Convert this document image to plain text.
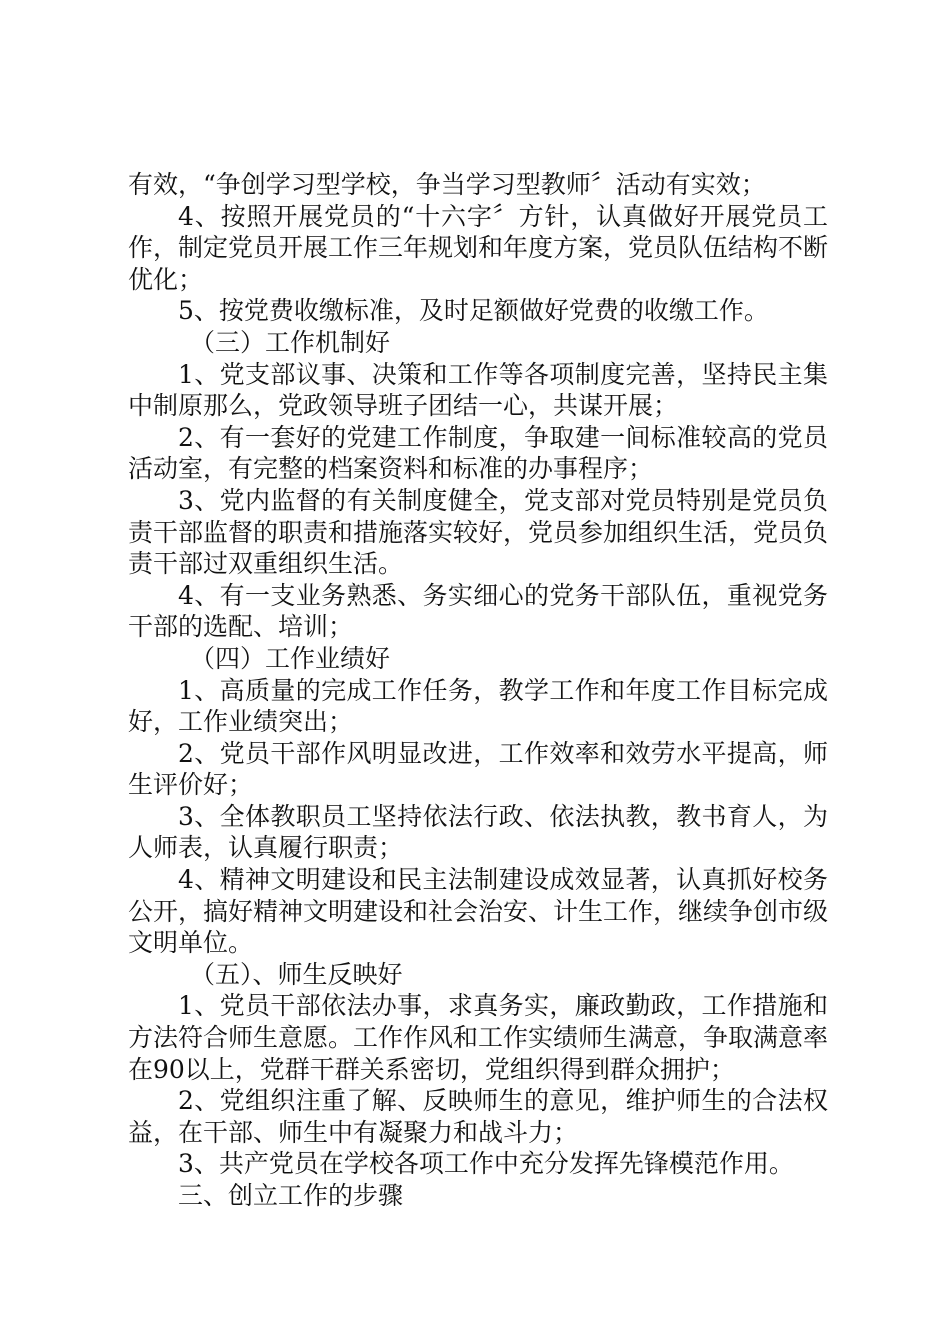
有效，“争创学习型学校，争当学习型教师〞活动有实效；

4、按照开展党员的“十六字〞方针，认真做好开展党员工作，制定党员开展工作三年规划和年度方案，党员队伍结构不断优化；

5、按党费收缴标准，及时足额做好党费的收缴工作。

（三）工作机制好

1、党支部议事、决策和工作等各项制度完善，坚持民主集中制原那么，党政领导班子团结一心，共谋开展；

2、有一套好的党建工作制度，争取建一间标准较高的党员活动室，有完整的档案资料和标准的办事程序；

3、党内监督的有关制度健全，党支部对党员特别是党员负责干部监督的职责和措施落实较好，党员参加组织生活，党员负责干部过双重组织生活。

4、有一支业务熟悉、务实细心的党务干部队伍，重视党务干部的选配、培训；

（四）工作业绩好

1、高质量的完成工作任务，教学工作和年度工作目标完成好，工作业绩突出；

2、党员干部作风明显改进，工作效率和效劳水平提高，师生评价好；

3、全体教职员工坚持依法行政、依法执教，教书育人，为人师表，认真履行职责；

4、精神文明建设和民主法制建设成效显著，认真抓好校务公开，搞好精神文明建设和社会治安、计生工作，继续争创市级文明单位。

（五）、师生反映好

1、党员干部依法办事，求真务实，廉政勤政，工作措施和方法符合师生意愿。工作作风和工作实绩师生满意，争取满意率在90以上，党群干群关系密切，党组织得到群众拥护；

2、党组织注重了解、反映师生的意见，维护师生的合法权益，在干部、师生中有凝聚力和战斗力；

3、共产党员在学校各项工作中充分发挥先锋模范作用。

三、创立工作的步骤
